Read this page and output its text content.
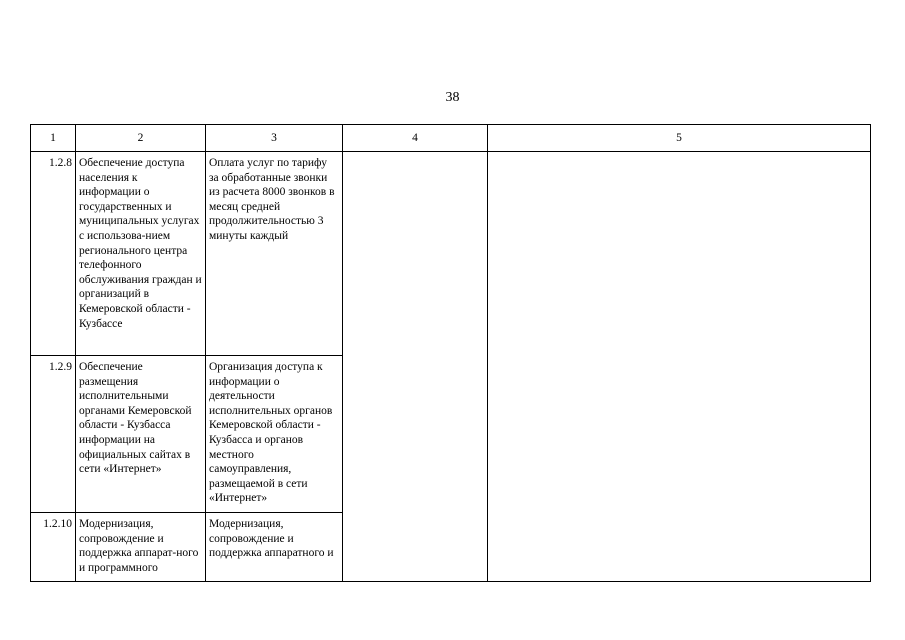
38
1	2	3	4	5

1.2.8	Обеспечение доступа населения к информации о государственных и муниципальных услугах с использова-нием регионального центра телефонного обслуживания граждан и организаций в Кемеровской области - Кузбассе	Оплата услуг по тарифу за обработанные звонки из расчета 8000 звонков в месяц средней продолжительностью 3 минуты каждый		

1.2.9	Обеспечение размещения исполнительными органами Кемеровской области - Кузбасса информации на официальных сайтах в сети «Интернет»	Организация доступа к информации о деятельности исполнительных органов Кемеровской области - Кузбасса и органов местного самоуправления, размещаемой в сети «Интернет»		

1.2.10	Модернизация, сопровождение и поддержка аппарат-ного и программного	Модернизация, сопровождение и поддержка аппаратного и		
